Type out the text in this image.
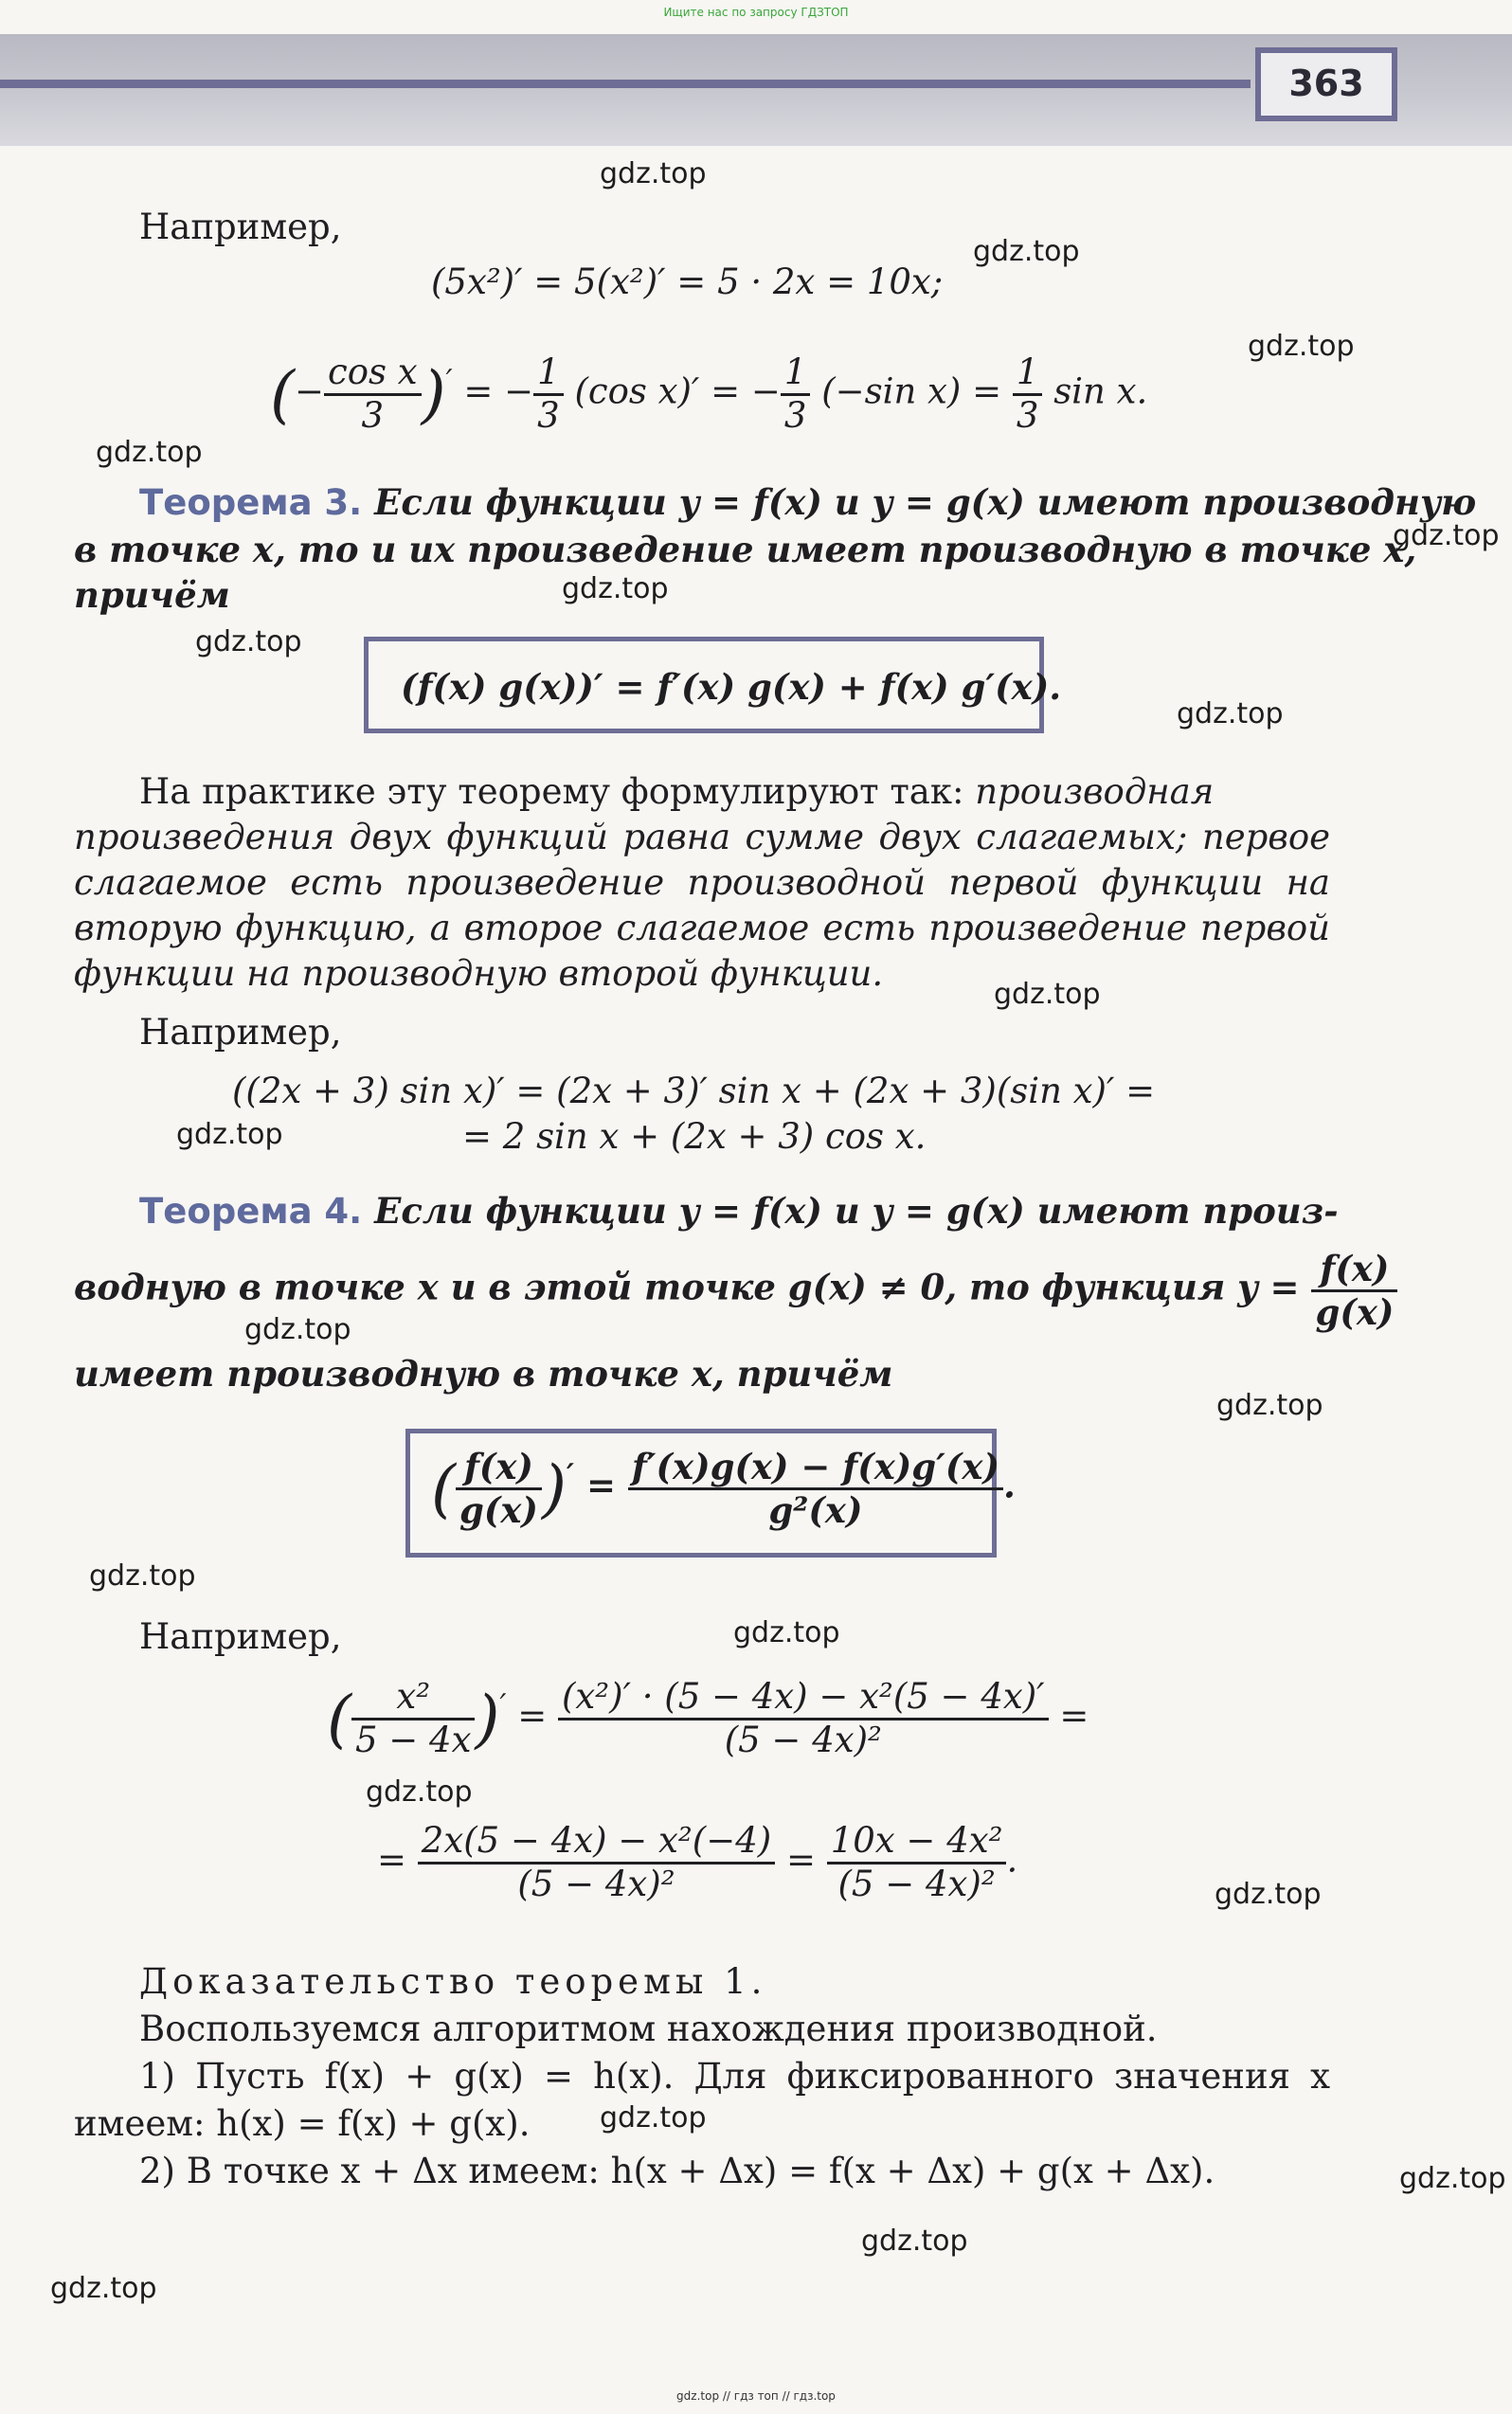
Ищите нас по запросу ГДЗТОП
363
Например,
(5x²)′ = 5(x²)′ = 5 · 2x = 10x;
(− $\frac{\text{cos x}}{3} )'$ = − $\frac{1}{3} (\cos$ x)′ = − $\frac{1}{3} (-\sin$ $x) = \frac{1}{3}$ sin x.
Теорема 3. Если функции y = f(x) и y = g(x) имеют производную
в точке x, то и их произведение имеет производную в точке x,
причём
(f(x) g(x))′ = f′(x) g(x) + f(x) g′(x).
На практике эту теорему формулируют так: производная
произведения двух функций равна сумме двух слагаемых; первое
слагаемое есть произведение производной первой функции на
вторую функцию, а второе слагаемое есть произведение первой
функции на производную второй функции.
Например,
((2x + 3) sin x)′ = (2x + 3)′ sin x + (2x + 3)(sin x)′ =
= 2 sin x + (2x + 3) cos x.
Теорема 4. Если функции y = f(x) и y = g(x) имеют произ-
водную в точке x и в этой точке g(x) ≠ 0, то функция $y = \frac{f(x)}{g(x)}$
имеет производную в точке x, причём
( $\frac{f(x)}{g(x)} )' = \frac{f'(x)g(x) - f(x)g'(x)}{\text{g²(x)}}$ .
Например,
( $\frac{\text{x²}}{5 - 4x} )' = \frac{\text{(x²)′ · (5 − 4x) − x²(5 − 4x)′}}{\text{(5 − 4x)²}}$ =
= $\frac{\text{2x(5 − 4x) − x²(−4)}}{\text{(5 − 4x)²}} = \frac{\text{10x − 4x²}}{\text{(5 − 4x)²}}$ .
Доказательство теоремы 1.
Воспользуемся алгоритмом нахождения производной.
1) Пусть f(x) + g(x) = h(x). Для фиксированного значения x
имеем: h(x) = f(x) + g(x).
2) В точке x + Δx имеем: h(x + Δx) = f(x + Δx) + g(x + Δx).
gdz.top
gdz.top
gdz.top
gdz.top
gdz.top
gdz.top
gdz.top
gdz.top
gdz.top
gdz.top
gdz.top
gdz.top
gdz.top
gdz.top
gdz.top
gdz.top
gdz.top
gdz.top
gdz.top
gdz.top
gdz.top // гдз топ // гдз.top
